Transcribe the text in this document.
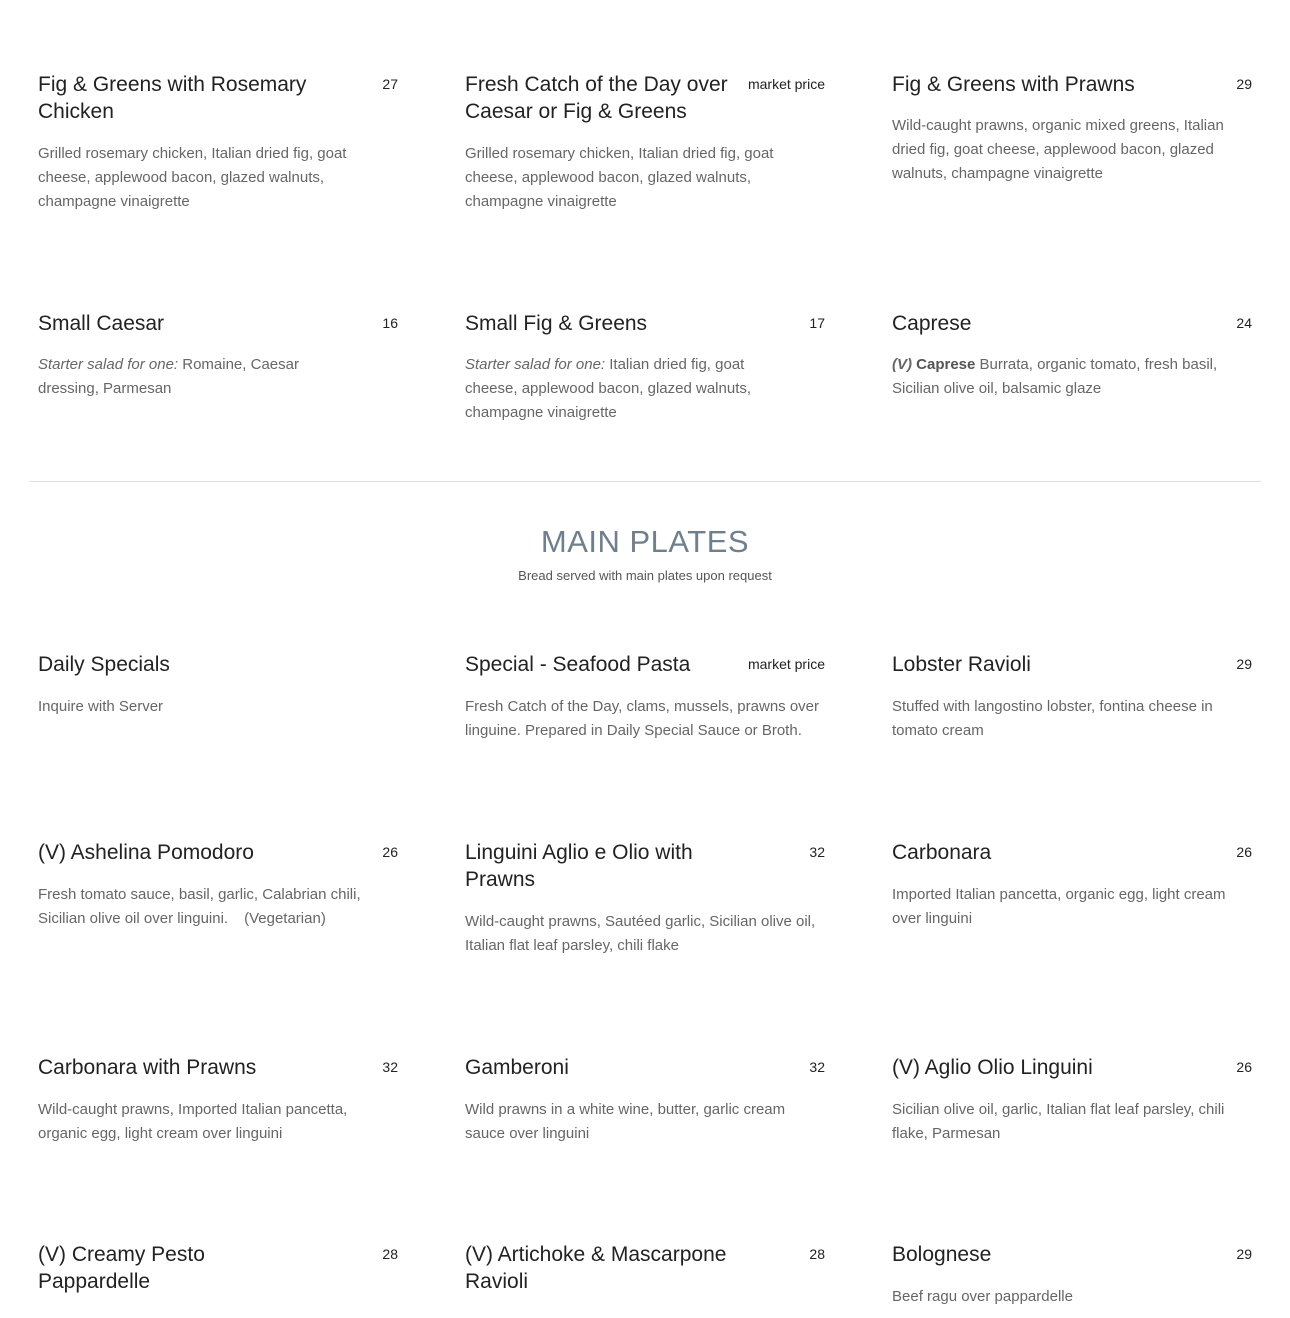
Fig & Greens with Rosemary Chicken
27
Grilled rosemary chicken, Italian dried fig, goat cheese, applewood bacon, glazed walnuts, champagne vinaigrette
Fresh Catch of the Day over Caesar or Fig & Greens
market price
Grilled rosemary chicken, Italian dried fig, goat cheese, applewood bacon, glazed walnuts, champagne vinaigrette
Fig & Greens with Prawns	29
Wild-caught prawns, organic mixed greens, Italian dried fig, goat cheese, applewood bacon, glazed walnuts, champagne vinaigrette
Small Caesar	16
Starter salad for one: Romaine, Caesar dressing, Parmesan
Small Fig & Greens	17
Starter salad for one: Italian dried fig, goat cheese, applewood bacon, glazed walnuts, champagne vinaigrette
Caprese	24
(V) Caprese Burrata, organic tomato, fresh basil, Sicilian olive oil, balsamic glaze
MAIN PLATES
Bread served with main plates upon request
Daily Specials
Inquire with Server
Special - Seafood Pasta	market price
Fresh Catch of the Day, clams, mussels, prawns over linguine. Prepared in Daily Special Sauce or Broth.
Lobster Ravioli	29
Stuffed with langostino lobster, fontina cheese in tomato cream
(V) Ashelina Pomodoro	26
Fresh tomato sauce, basil, garlic, Calabrian chili, Sicilian olive oil over linguini. (Vegetarian)
Linguini Aglio e Olio with Prawns
32
Wild-caught prawns, Sautéed garlic, Sicilian olive oil, Italian flat leaf parsley, chili flake
Carbonara	26
Imported Italian pancetta, organic egg, light cream over linguini
Carbonara with Prawns	32
Wild-caught prawns, Imported Italian pancetta, organic egg, light cream over linguini
Gamberoni	32
Wild prawns in a white wine, butter, garlic cream sauce over linguini
(V) Aglio Olio Linguini	26
Sicilian olive oil, garlic, Italian flat leaf parsley, chili flake, Parmesan
(V) Creamy Pesto Pappardelle
28	(V) Artichoke & Mascarpone Ravioli
28	Bolognese	29
Beef ragu over pappardelle
